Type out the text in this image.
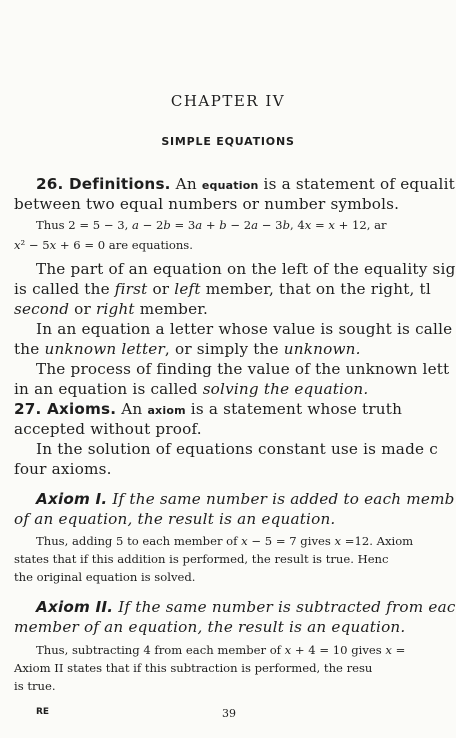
CHAPTER IV
SIMPLE EQUATIONS
26. Definitions. An equation is a statement of equalit
between two equal numbers or number symbols.
Thus 2 = 5 − 3, a − 2b = 3a + b − 2a − 3b, 4x = x + 12, ar
x² − 5x + 6 = 0 are equations.
The part of an equation on the left of the equality sig
is called the first or left member, that on the right, tl
second or right member.
In an equation a letter whose value is sought is calle
the unknown letter, or simply the unknown.
The process of finding the value of the unknown lett
in an equation is called solving the equation.
27. Axioms. An axiom is a statement whose truth
accepted without proof.
In the solution of equations constant use is made c
four axioms.
Axiom I. If the same number is added to each memb
of an equation, the result is an equation.
Thus, adding 5 to each member of x − 5 = 7 gives x =12. Axiom
states that if this addition is performed, the result is true. Henc
the original equation is solved.
Axiom II. If the same number is subtracted from eac
member of an equation, the result is an equation.
Thus, subtracting 4 from each member of x + 4 = 10 gives x =
Axiom II states that if this subtraction is performed, the resu
is true.
RE	39
